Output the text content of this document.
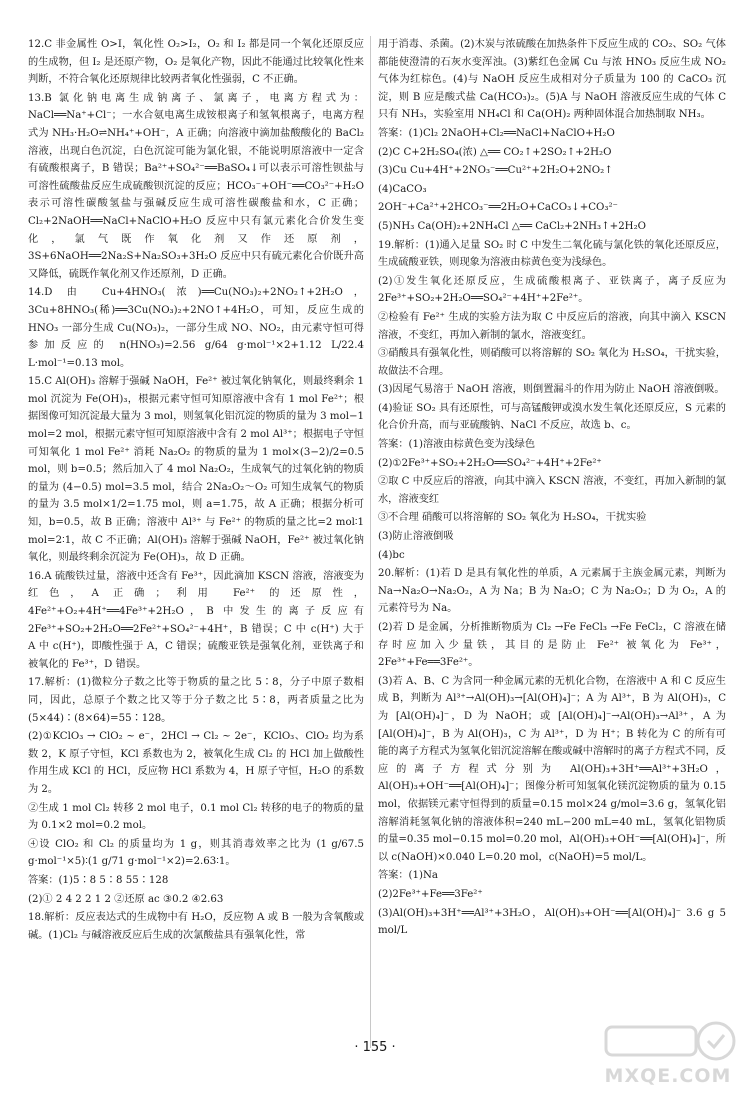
12.C 非金属性 O>I，氧化性 O₂>I₂，O₂ 和 I₂ 都是同一个氧化还原反应的生成物，但 I₂ 是还原产物，O₂ 是氧化产物，因此不能通过比较氧化性来判断，不符合氧化还原规律比较两者氧化性强弱，C 不正确。

13.B 氯化钠电离生成钠离子、氯离子，电离方程式为：NaCl══Na⁺+Cl⁻；一水合氨电离生成铵根离子和氢氧根离子，电离方程式为 NH₃·H₂O⇌NH₄⁺+OH⁻，A 正确；向溶液中滴加盐酸酸化的 BaCl₂ 溶液，出现白色沉淀，白色沉淀可能为氯化银，不能说明原溶液中一定含有硫酸根离子，B 错误；Ba²⁺+SO₄²⁻══BaSO₄↓可以表示可溶性钡盐与可溶性硫酸盐反应生成硫酸钡沉淀的反应；HCO₃⁻+OH⁻══CO₃²⁻+H₂O 表示可溶性碳酸氢盐与强碱反应生成可溶性碳酸盐和水，C 正确；Cl₂+2NaOH══NaCl+NaClO+H₂O 反应中只有氯元素化合价发生变化，氯气既作氧化剂又作还原剂，3S+6NaOH══2Na₂S+Na₂SO₃+3H₂O 反应中只有硫元素化合价既升高又降低，硫既作氧化剂又作还原剂，D 正确。

14.D 由 Cu+4HNO₃(浓)══Cu(NO₃)₂+2NO₂↑+2H₂O，3Cu+8HNO₃(稀)══3Cu(NO₃)₂+2NO↑+4H₂O，可知，反应生成的 HNO₃ 一部分生成 Cu(NO₃)₂，一部分生成 NO、NO₂，由元素守恒可得参加反应的 n(HNO₃)=2.56 g/64 g·mol⁻¹×2+1.12 L/22.4 L·mol⁻¹=0.13 mol。

15.C Al(OH)₃ 溶解于强碱 NaOH，Fe²⁺ 被过氧化钠氧化，则最终剩余 1 mol 沉淀为 Fe(OH)₃，根据元素守恒可知原溶液中含有 1 mol Fe²⁺；根据图像可知沉淀最大量为 3 mol，则氢氧化铝沉淀的物质的量为 3 mol−1 mol=2 mol，根据元素守恒可知原溶液中含有 2 mol Al³⁺；根据电子守恒可知氧化 1 mol Fe²⁺ 消耗 Na₂O₂ 的物质的量为 1 mol×(3−2)/2=0.5 mol，则 b=0.5；然后加入了 4 mol Na₂O₂，生成氧气的过氧化钠的物质的量为 (4−0.5) mol=3.5 mol，结合 2Na₂O₂～O₂ 可知生成氧气的物质的量为 3.5 mol×1/2=1.75 mol，则 a=1.75，故 A 正确；根据分析可知，b=0.5，故 B 正确；溶液中 Al³⁺ 与 Fe²⁺ 的物质的量之比=2 mol∶1 mol=2∶1，故 C 不正确；Al(OH)₃ 溶解于强碱 NaOH，Fe²⁺ 被过氧化钠氧化，则最终剩余沉淀为 Fe(OH)₃，故 D 正确。

16.A 硫酸铁过量，溶液中还含有 Fe³⁺，因此滴加 KSCN 溶液，溶液变为红色，A 正确；利用 Fe²⁺ 的还原性，4Fe²⁺+O₂+4H⁺══4Fe³⁺+2H₂O，B 中发生的离子反应有 2Fe³⁺+SO₂+2H₂O══2Fe²⁺+SO₄²⁻+4H⁺，B 错误；C 中 c(H⁺) 大于 A 中 c(H⁺)，即酸性强于 A，C 错误；硫酸亚铁是强氧化剂，亚铁离子和被氧化的 Fe³⁺，D 错误。

17.解析：(1)微粒分子数之比等于物质的量之比 5∶8，分子中原子数相同，因此，总原子个数之比又等于分子数之比 5∶8，两者质量之比为 (5×44)∶(8×64)=55∶128。

(2)①KClO₃ → ClO₂ ~ e⁻，2HCl → Cl₂ ~ 2e⁻，KClO₃、ClO₂ 均为系数 2，K 原子守恒，KCl 系数也为 2，被氧化生成 Cl₂ 的 HCl 加上做酸性作用生成 KCl 的 HCl，反应物 HCl 系数为 4，H 原子守恒，H₂O 的系数为 2。

②生成 1 mol Cl₂ 转移 2 mol 电子，0.1 mol Cl₂ 转移的电子的物质的量为 0.1×2 mol=0.2 mol。

④设 ClO₂ 和 Cl₂ 的质量均为 1 g，则其消毒效率之比为 (1 g/67.5 g·mol⁻¹×5)∶(1 g/71 g·mol⁻¹×2)=2.63∶1。

答案：(1)5∶8 5∶8 55∶128

(2)① 2 4 2 2 1 2 ②还原 ac ③0.2 ④2.63

18.解析：反应表达式的生成物中有 H₂O，反应物 A 或 B 一般为含氧酸或碱。(1)Cl₂ 与碱溶液反应后生成的次氯酸盐具有强氧化性，常

用于消毒、杀菌。(2)木炭与浓硫酸在加热条件下反应生成的 CO₂、SO₂ 气体都能使澄清的石灰水变浑浊。(3)紫红色金属 Cu 与浓 HNO₃ 反应生成 NO₂ 气体为红棕色。(4)与 NaOH 反应生成相对分子质量为 100 的 CaCO₃ 沉淀，则 B 应是酸式盐 Ca(HCO₃)₂。(5)A 与 NaOH 溶液反应生成的气体 C 只有 NH₃，实验室用 NH₄Cl 和 Ca(OH)₂ 两种固体混合加热制取 NH₃。

答案：(1)Cl₂ 2NaOH+Cl₂══NaCl+NaClO+H₂O

(2)C C+2H₂SO₄(浓) △══ CO₂↑+2SO₂↑+2H₂O

(3)Cu Cu+4H⁺+2NO₃⁻══Cu²⁺+2H₂O+2NO₂↑

(4)CaCO₃

2OH⁻+Ca²⁺+2HCO₃⁻══2H₂O+CaCO₃↓+CO₃²⁻

(5)NH₃ Ca(OH)₂+2NH₄Cl △══ CaCl₂+2NH₃↑+2H₂O

19.解析：(1)通入足量 SO₂ 时 C 中发生二氧化硫与氯化铁的氧化还原反应，生成硫酸亚铁，则现象为溶液由棕黄色变为浅绿色。

(2)①发生氧化还原反应，生成硫酸根离子、亚铁离子，离子反应为 2Fe³⁺+SO₂+2H₂O══SO₄²⁻+4H⁺+2Fe²⁺。

②检验有 Fe²⁺ 生成的实验方法为取 C 中反应后的溶液，向其中滴入 KSCN 溶液，不变红，再加入新制的氯水，溶液变红。

③硝酸具有强氧化性，则硝酸可以将溶解的 SO₂ 氧化为 H₂SO₄，干扰实验，故做法不合理。

(3)因尾气易溶于 NaOH 溶液，则倒置漏斗的作用为防止 NaOH 溶液倒吸。

(4)验证 SO₂ 具有还原性，可与高锰酸钾或溴水发生氧化还原反应，S 元素的化合价升高，而与亚硫酸钠、NaCl 不反应，故选 b、c。

答案：(1)溶液由棕黄色变为浅绿色

(2)①2Fe³⁺+SO₂+2H₂O══SO₄²⁻+4H⁺+2Fe²⁺

②取 C 中反应后的溶液，向其中滴入 KSCN 溶液，不变红，再加入新制的氯水，溶液变红

③不合理 硝酸可以将溶解的 SO₂ 氧化为 H₂SO₄，干扰实验

(3)防止溶液倒吸

(4)bc

20.解析：(1)若 D 是具有氧化性的单质，A 元素属于主族金属元素，判断为 Na→Na₂O→Na₂O₂，A 为 Na；B 为 Na₂O；C 为 Na₂O₂；D 为 O₂，A 的元素符号为 Na。

(2)若 D 是金属，分析推断物质为 Cl₂ →Fe FeCl₃ →Fe FeCl₂，C 溶液在储存时应加入少量铁，其目的是防止 Fe²⁺ 被氧化为 Fe³⁺，2Fe³⁺+Fe══3Fe²⁺。

(3)若 A、B、C 为含同一种金属元素的无机化合物，在溶液中 A 和 C 反应生成 B，判断为 Al³⁺→Al(OH)₃→[Al(OH)₄]⁻；A 为 Al³⁺，B 为 Al(OH)₃，C 为 [Al(OH)₄]⁻，D 为 NaOH；或 [Al(OH)₄]⁻→Al(OH)₃→Al³⁺，A 为 [Al(OH)₄]⁻，B 为 Al(OH)₃，C 为 Al³⁺，D 为 H⁺；B 转化为 C 的所有可能的离子方程式为氢氧化铝沉淀溶解在酸或碱中溶解时的离子方程式不同，反应的离子方程式分别为 Al(OH)₃+3H⁺══Al³⁺+3H₂O，Al(OH)₃+OH⁻══[Al(OH)₄]⁻；图像分析可知氢氧化镁沉淀物质的量为 0.15 mol，依据镁元素守恒得到的质量=0.15 mol×24 g/mol=3.6 g，氢氧化铝溶解消耗氢氧化钠的溶液体积=240 mL−200 mL=40 mL，氢氧化铝物质的量=0.35 mol−0.15 mol=0.20 mol，Al(OH)₃+OH⁻══[Al(OH)₄]⁻，所以 c(NaOH)×0.040 L=0.20 mol，c(NaOH)=5 mol/L。

答案：(1)Na

(2)2Fe³⁺+Fe══3Fe²⁺

(3)Al(OH)₃+3H⁺══Al³⁺+3H₂O，Al(OH)₃+OH⁻══[Al(OH)₄]⁻ 3.6 g 5 mol/L

· 155 ·
MXQE.COM
